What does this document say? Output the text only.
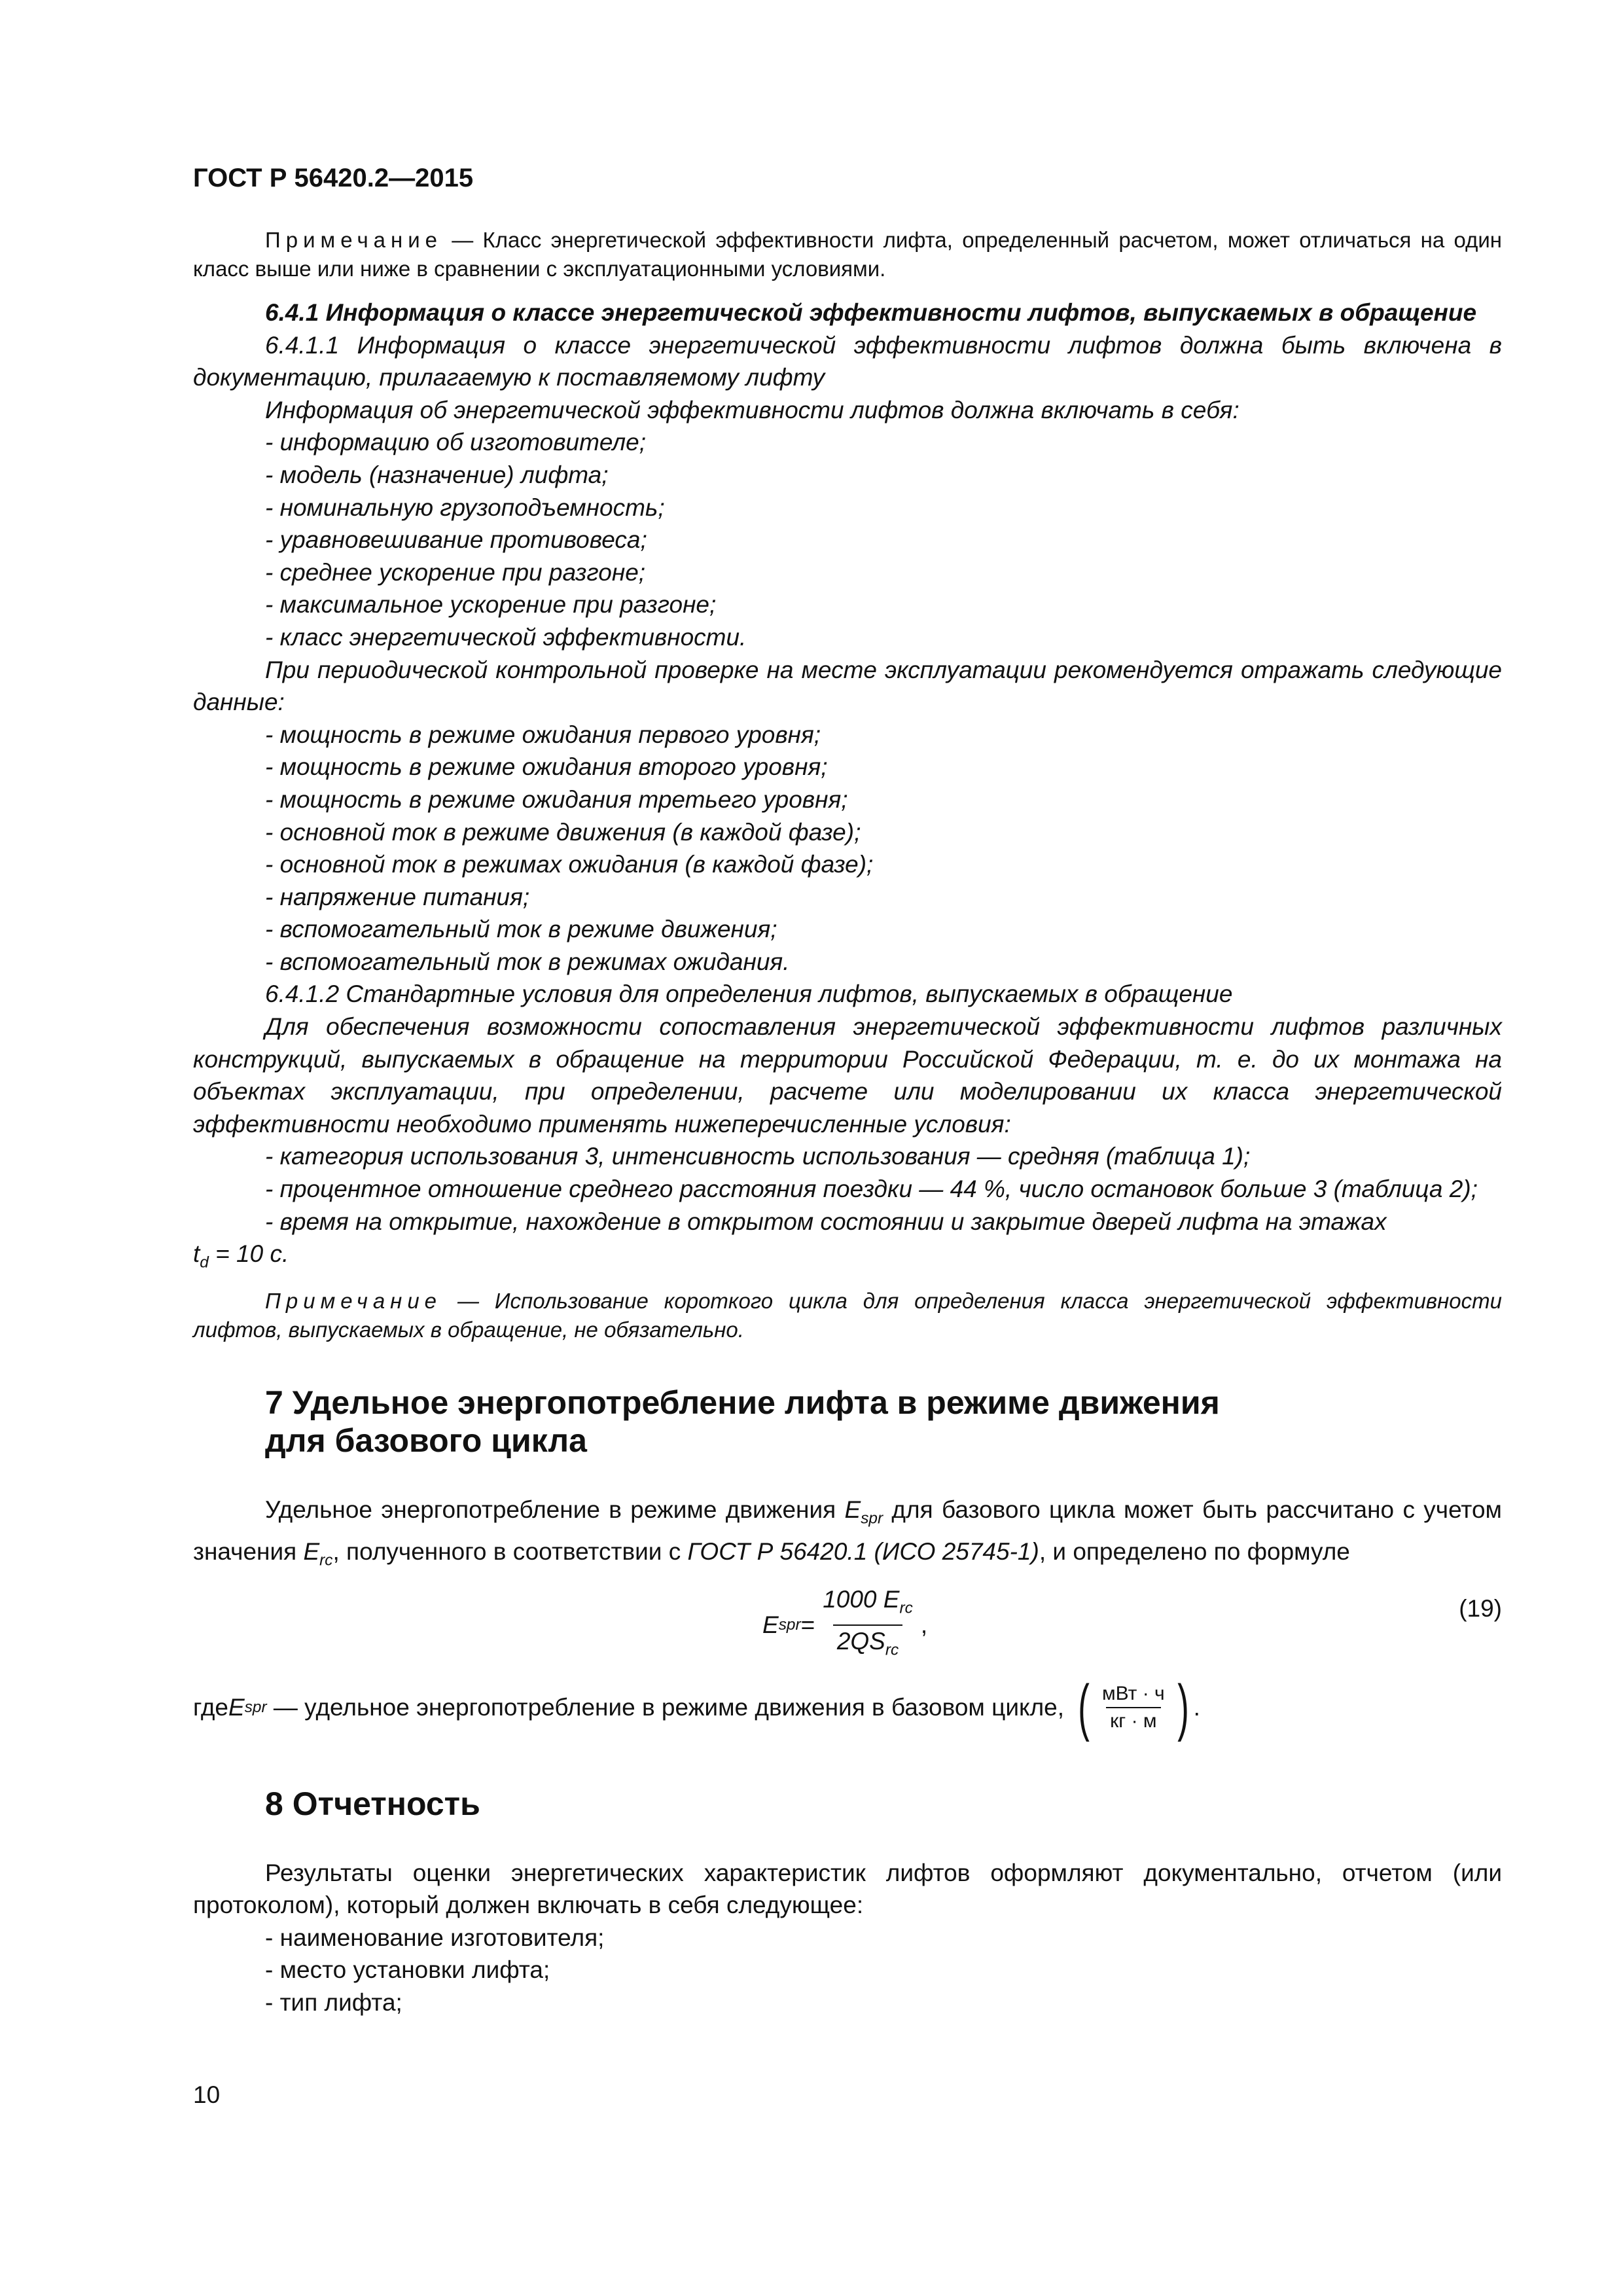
ГОСТ Р 56420.2—2015

Примечание — Класс энергетической эффективности лифта, определенный расчетом, может отличаться на один класс выше или ниже в сравнении с эксплуатационными условиями.

6.4.1 Информация о классе энергетической эффективности лифтов, выпускаемых в обращение

6.4.1.1 Информация о классе энергетической эффективности лифтов должна быть включена в документацию, прилагаемую к поставляемому лифту

Информация об энергетической эффективности лифтов должна включать в себя:

- информацию об изготовителе;

- модель (назначение) лифта;

- номинальную грузоподъемность;

- уравновешивание противовеса;

- среднее ускорение при разгоне;

- максимальное ускорение при разгоне;

- класс энергетической эффективности.

При периодической контрольной проверке на месте эксплуатации рекомендуется отражать следующие данные:

- мощность в режиме ожидания первого уровня;

- мощность в режиме ожидания второго уровня;

- мощность в режиме ожидания третьего уровня;

- основной ток в режиме движения (в каждой фазе);

- основной ток в режимах ожидания (в каждой фазе);

- напряжение питания;

- вспомогательный ток в режиме движения;

- вспомогательный ток в режимах ожидания.

6.4.1.2 Стандартные условия для определения лифтов, выпускаемых в обращение

Для обеспечения возможности сопоставления энергетической эффективности лифтов различных конструкций, выпускаемых в обращение на территории Российской Федерации, т. е. до их монтажа на объектах эксплуатации, при определении, расчете или моделировании их класса энергетической эффективности необходимо применять нижеперечисленные условия:

- категория использования 3, интенсивность использования — средняя (таблица 1);

- процентное отношение среднего расстояния поездки — 44 %, число остановок больше 3 (таблица 2);

- время на открытие, нахождение в открытом состоянии и закрытие дверей лифта на этажах
$t_d = 10$ с.

Примечание — Использование короткого цикла для определения класса энергетической эффективности лифтов, выпускаемых в обращение, не обязательно.

7 Удельное энергопотребление лифта в режиме движения
для базового цикла

Удельное энергопотребление в режиме движения $E_{spr}$ для базового цикла может быть рассчитано с учетом значения $E_{rc}$, полученного в соответствии с ГОСТ Р 56420.1 (ИСО 25745-1), и определено по формуле

E spr = $\frac{1000 E_{rc}}{2QS_{rc}}$ ,
(19)
где E spr — удельное энергопотребление в режиме движения в базовом цикле, ( $\frac{\text{мВт · ч}}{кг \cdot м}$ ) .
8 Отчетность

Результаты оценки энергетических характеристик лифтов оформляют документально, отчетом (или протоколом), который должен включать в себя следующее:

- наименование изготовителя;

- место установки лифта;

- тип лифта;

10
